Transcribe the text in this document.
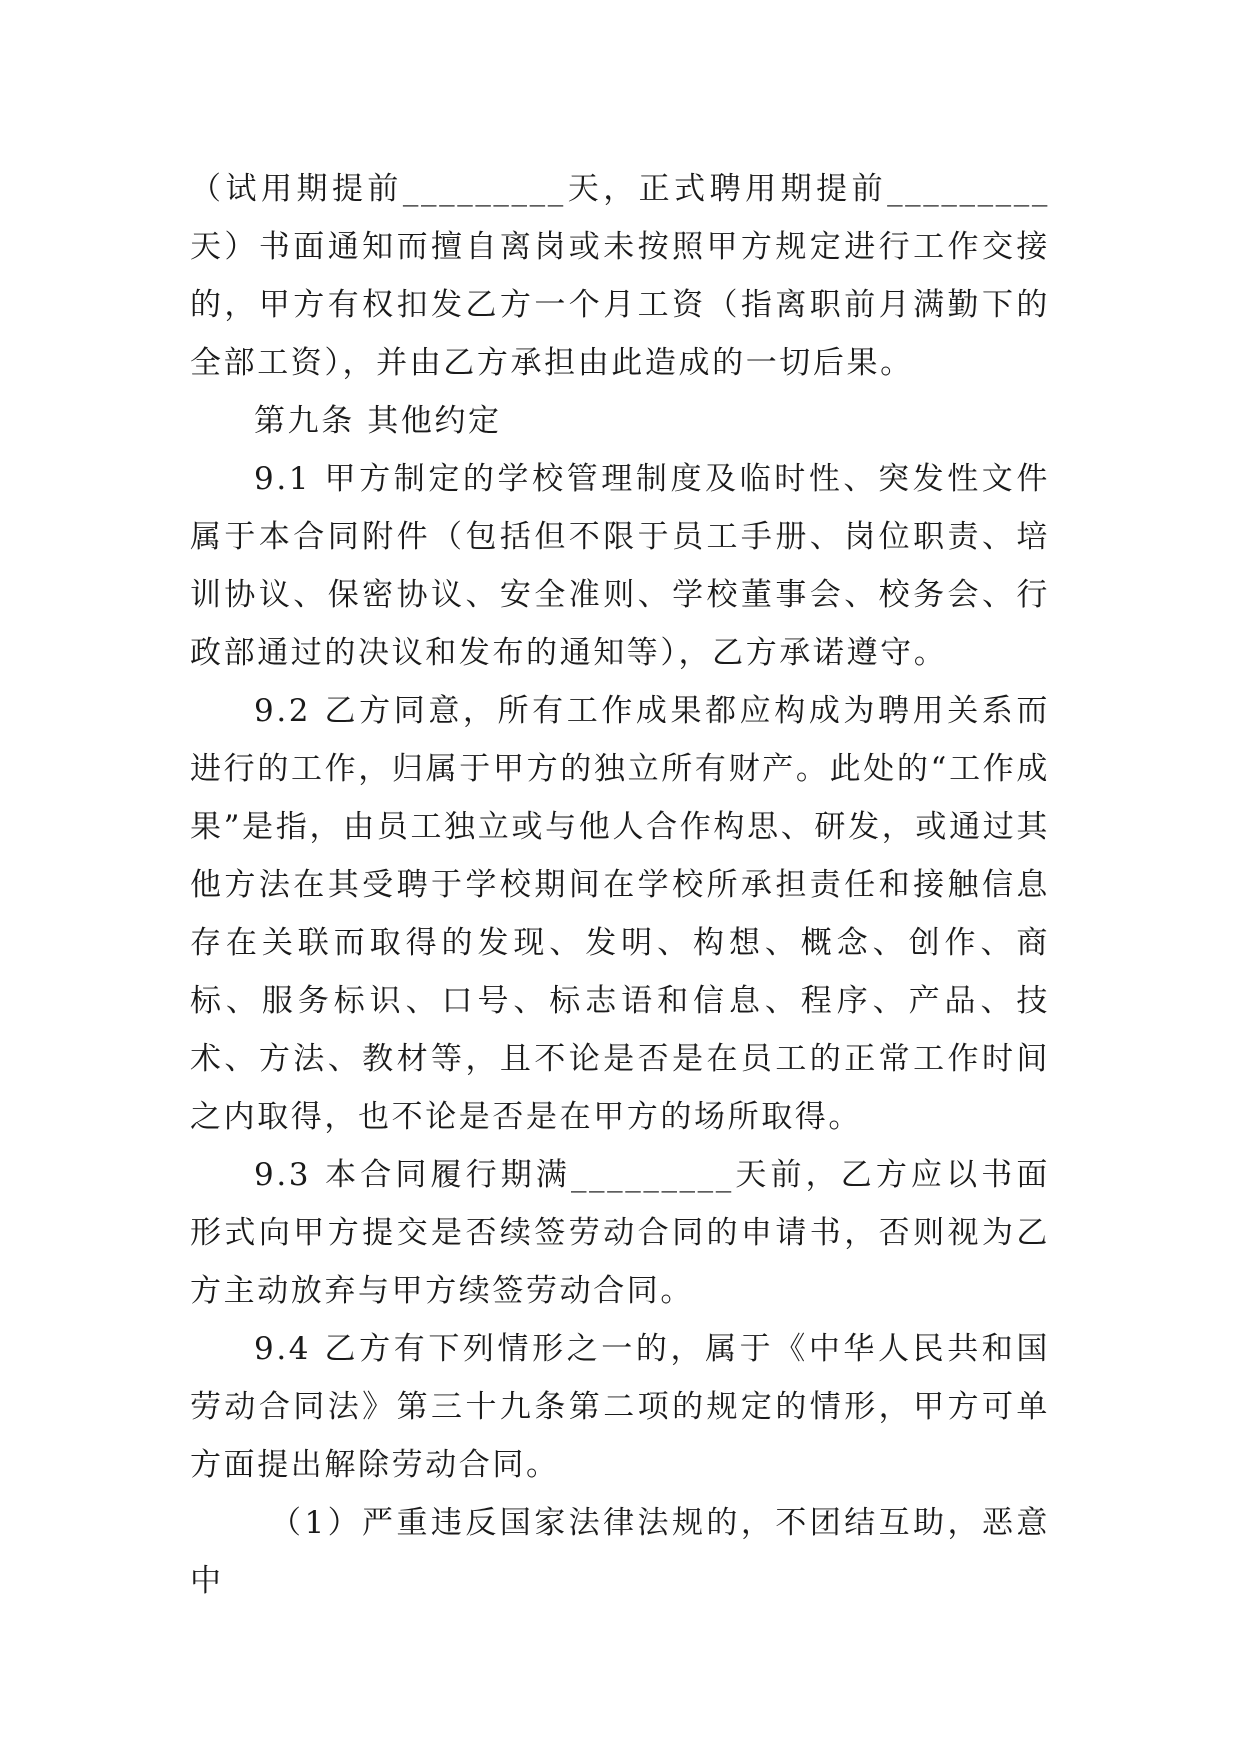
（试用期提前_________天，正式聘用期提前_________天）书面通知而擅自离岗或未按照甲方规定进行工作交接的，甲方有权扣发乙方一个月工资（指离职前月满勤下的全部工资），并由乙方承担由此造成的一切后果。

第九条 其他约定

9.1 甲方制定的学校管理制度及临时性、突发性文件属于本合同附件（包括但不限于员工手册、岗位职责、培训协议、保密协议、安全准则、学校董事会、校务会、行政部通过的决议和发布的通知等），乙方承诺遵守。

9.2 乙方同意，所有工作成果都应构成为聘用关系而进行的工作，归属于甲方的独立所有财产。此处的“工作成果”是指，由员工独立或与他人合作构思、研发，或通过其他方法在其受聘于学校期间在学校所承担责任和接触信息存在关联而取得的发现、发明、构想、概念、创作、商标、服务标识、口号、标志语和信息、程序、产品、技术、方法、教材等，且不论是否是在员工的正常工作时间之内取得，也不论是否是在甲方的场所取得。

9.3 本合同履行期满_________天前，乙方应以书面形式向甲方提交是否续签劳动合同的申请书，否则视为乙方主动放弃与甲方续签劳动合同。

9.4 乙方有下列情形之一的，属于《中华人民共和国劳动合同法》第三十九条第二项的规定的情形，甲方可单方面提出解除劳动合同。

（1）严重违反国家法律法规的，不团结互助，恶意中
